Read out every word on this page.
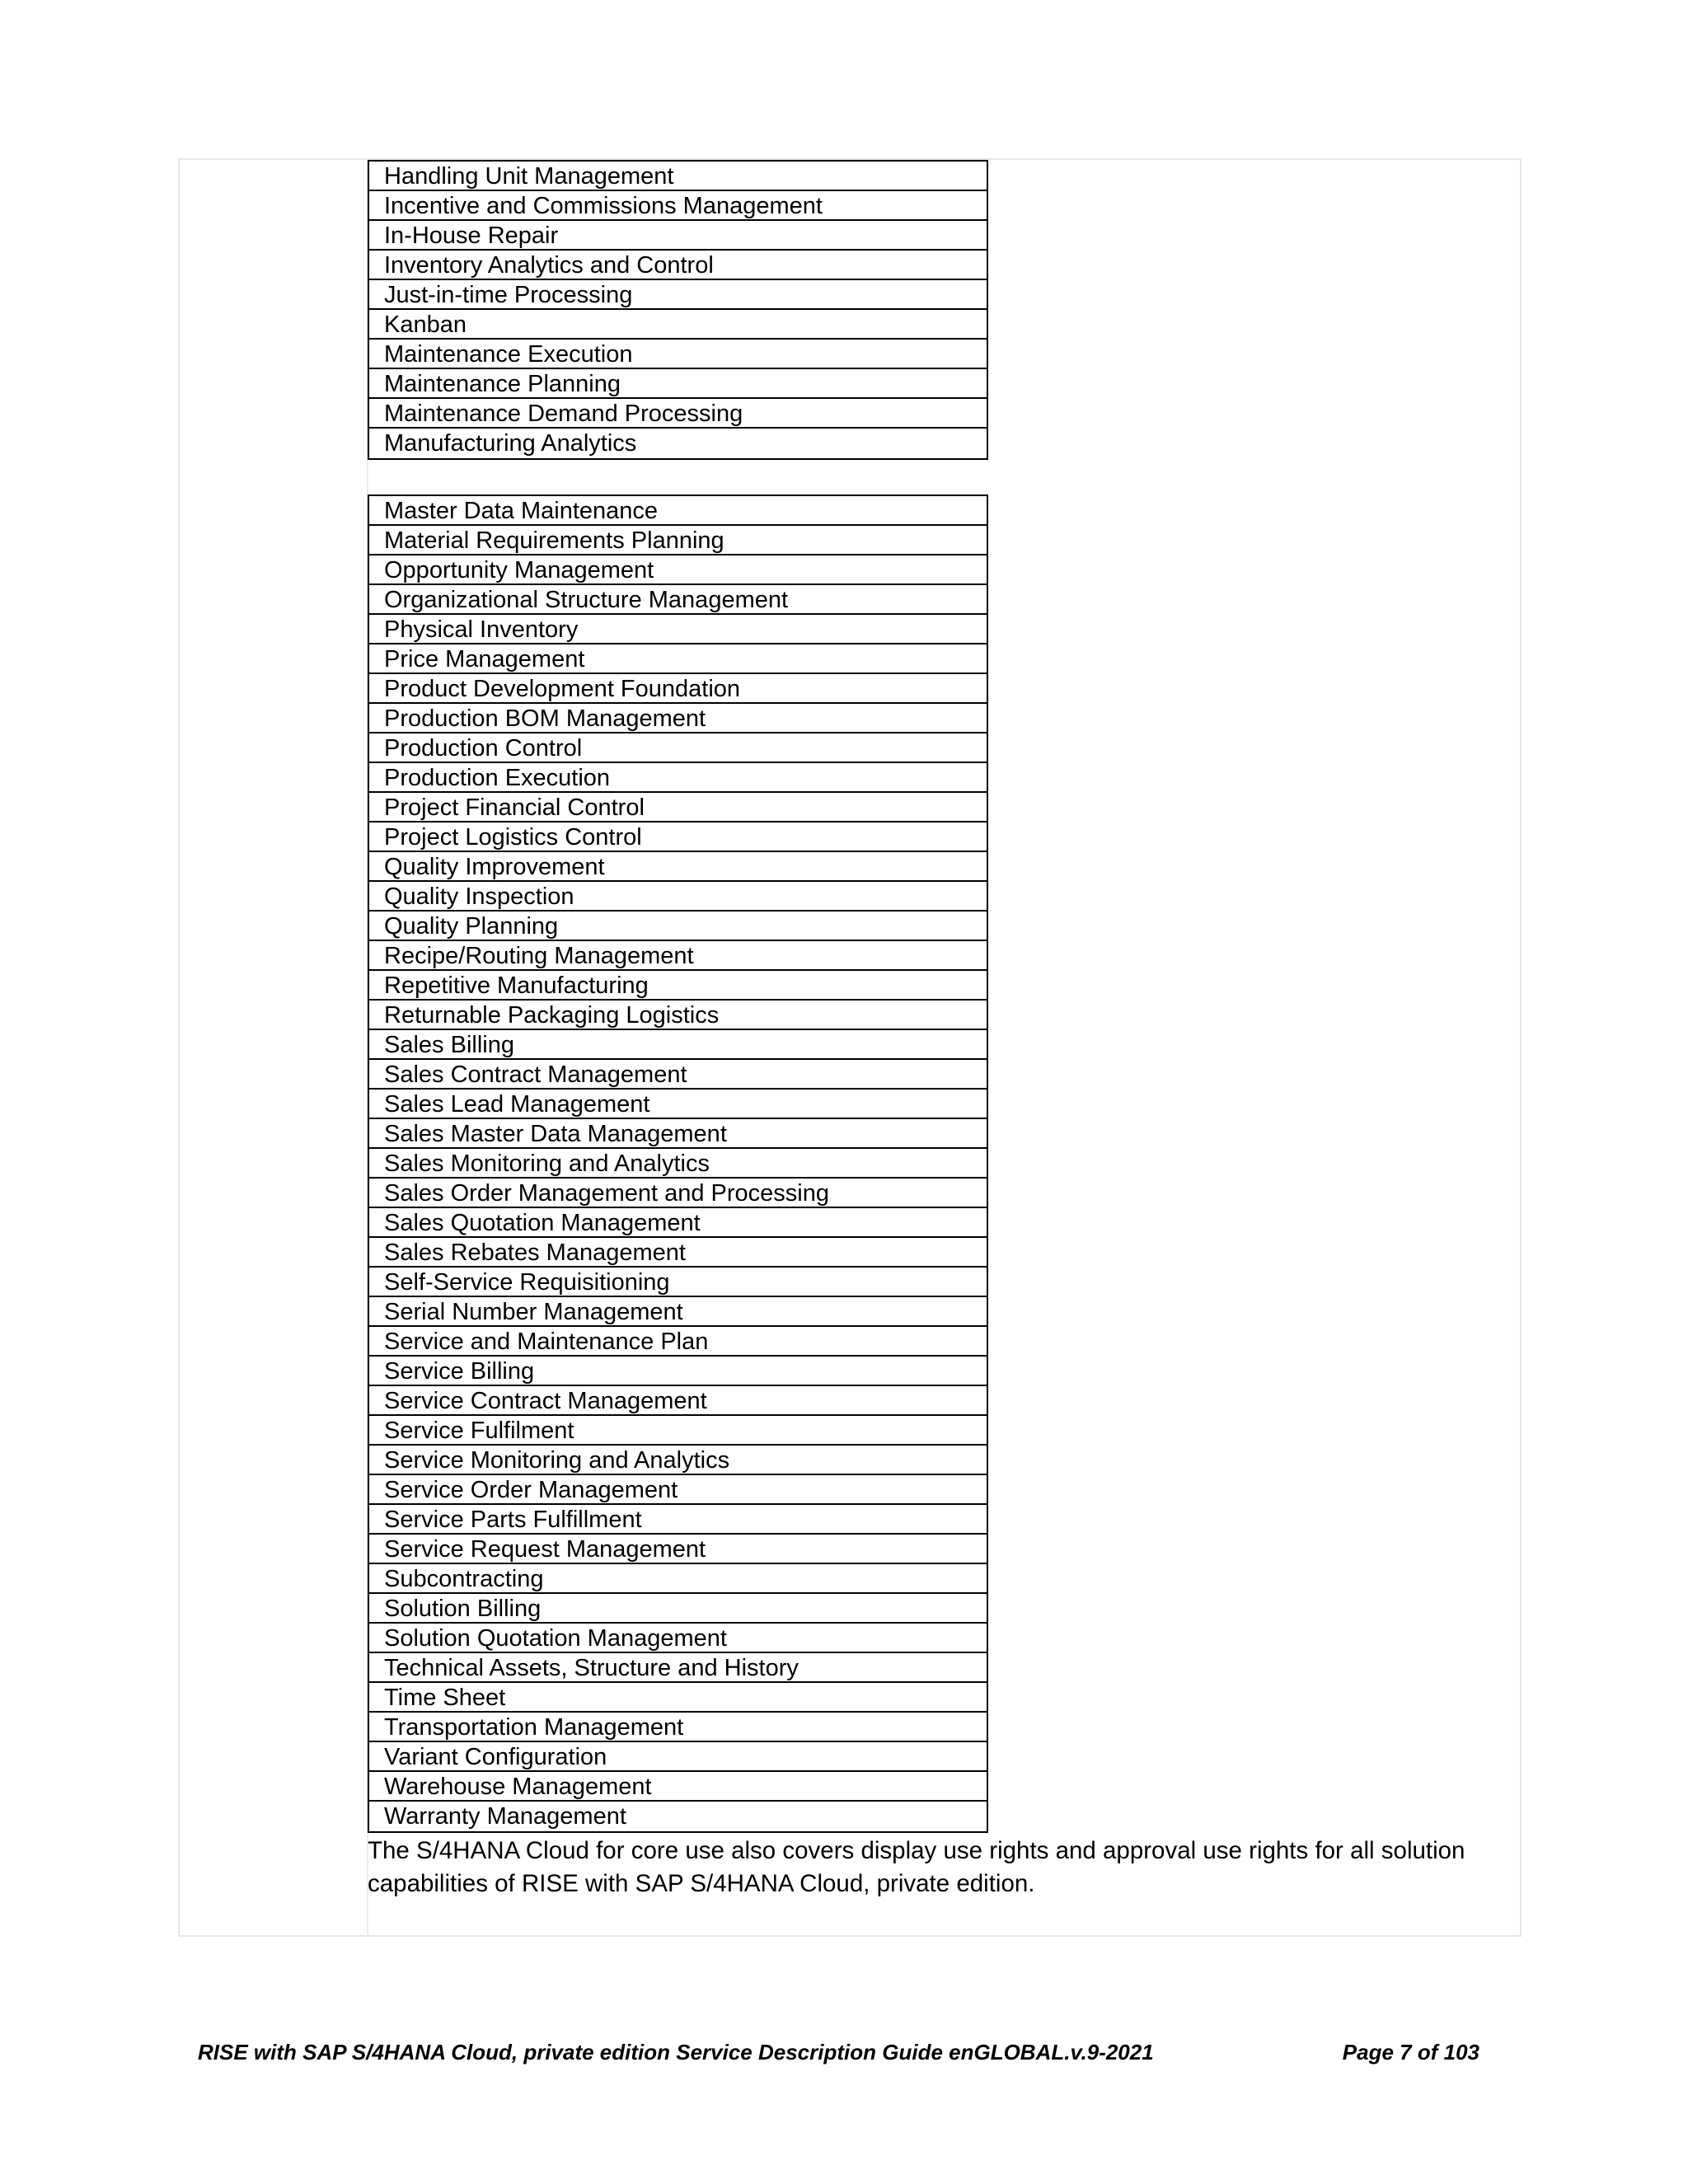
Handling Unit Management
Incentive and Commissions Management
In-House Repair
Inventory Analytics and Control
Just-in-time Processing
Kanban
Maintenance Execution
Maintenance Planning
Maintenance Demand Processing
Manufacturing Analytics
Master Data Maintenance
Material Requirements Planning
Opportunity Management
Organizational Structure Management
Physical Inventory
Price Management
Product Development Foundation
Production BOM Management
Production Control
Production Execution
Project Financial Control
Project Logistics Control
Quality Improvement
Quality Inspection
Quality Planning
Recipe/Routing Management
Repetitive Manufacturing
Returnable Packaging Logistics
Sales Billing
Sales Contract Management
Sales Lead Management
Sales Master Data Management
Sales Monitoring and Analytics
Sales Order Management and Processing
Sales Quotation Management
Sales Rebates Management
Self-Service Requisitioning
Serial Number Management
Service and Maintenance Plan
Service Billing
Service Contract Management
Service Fulfilment
Service Monitoring and Analytics
Service Order Management
Service Parts Fulfillment
Service Request Management
Subcontracting
Solution Billing
Solution Quotation Management
Technical Assets, Structure and History
Time Sheet
Transportation Management
Variant Configuration
Warehouse Management
Warranty Management
The S/4HANA Cloud for core use also covers display use rights and approval use rights for all solution capabilities of RISE with SAP S/4HANA Cloud, private edition.
RISE with SAP S/4HANA Cloud, private edition Service Description Guide enGLOBAL.v.9-2021	Page 7 of 103
